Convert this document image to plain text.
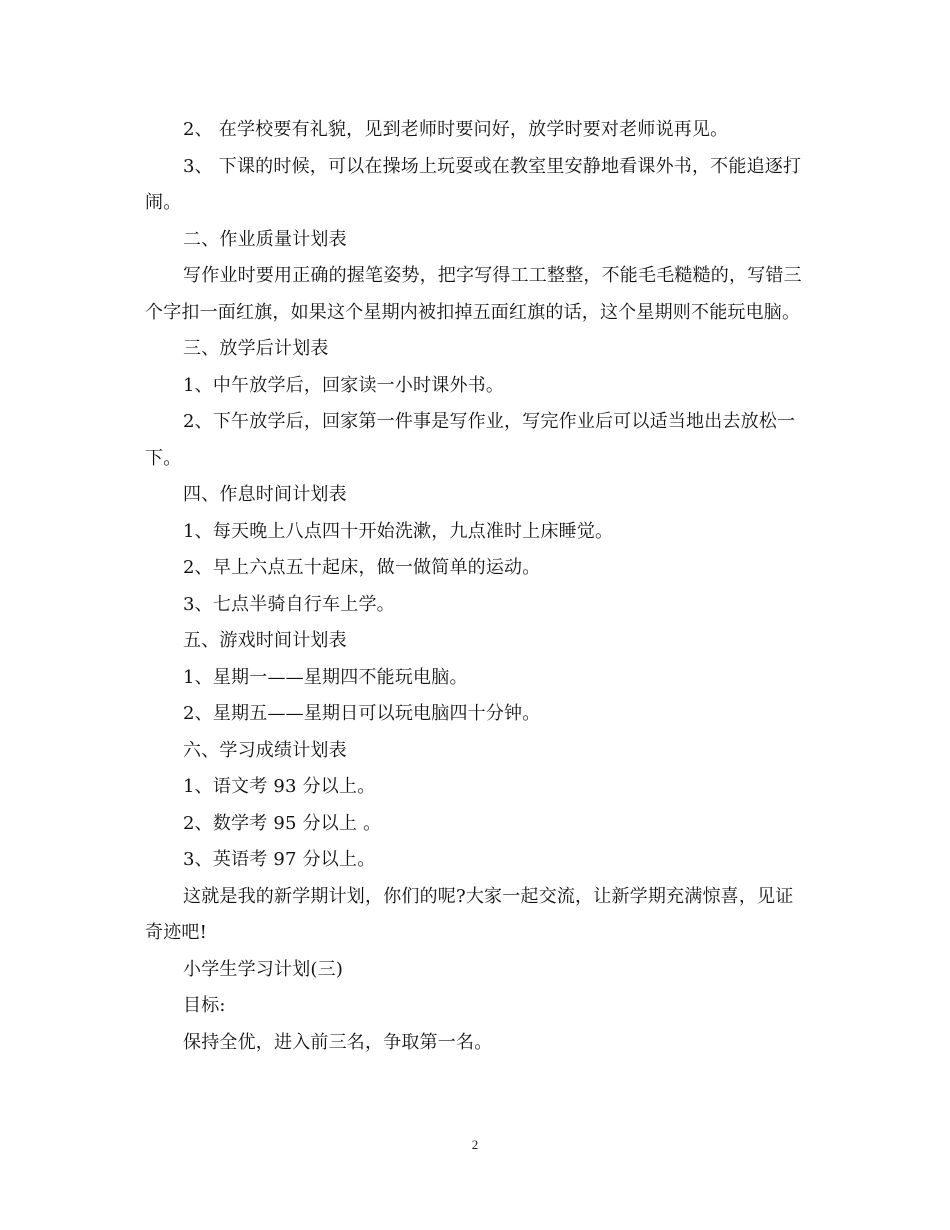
2、 在学校要有礼貌，见到老师时要问好，放学时要对老师说再见。

3、 下课的时候，可以在操场上玩耍或在教室里安静地看课外书，不能追逐打闹。

二、作业质量计划表

写作业时要用正确的握笔姿势，把字写得工工整整，不能毛毛糙糙的，写错三个字扣一面红旗，如果这个星期内被扣掉五面红旗的话，这个星期则不能玩电脑。

三、放学后计划表

1、中午放学后，回家读一小时课外书。

2、下午放学后，回家第一件事是写作业，写完作业后可以适当地出去放松一下。

四、作息时间计划表

1、每天晚上八点四十开始洗漱，九点准时上床睡觉。

2、早上六点五十起床，做一做简单的运动。

3、七点半骑自行车上学。

五、游戏时间计划表

1、星期一——星期四不能玩电脑。

2、星期五——星期日可以玩电脑四十分钟。

六、学习成绩计划表

1、语文考 93 分以上。

2、数学考 95 分以上 。

3、英语考 97 分以上。

这就是我的新学期计划，你们的呢?大家一起交流，让新学期充满惊喜，见证奇迹吧!

小学生学习计划(三)

目标:

保持全优，进入前三名，争取第一名。

2
